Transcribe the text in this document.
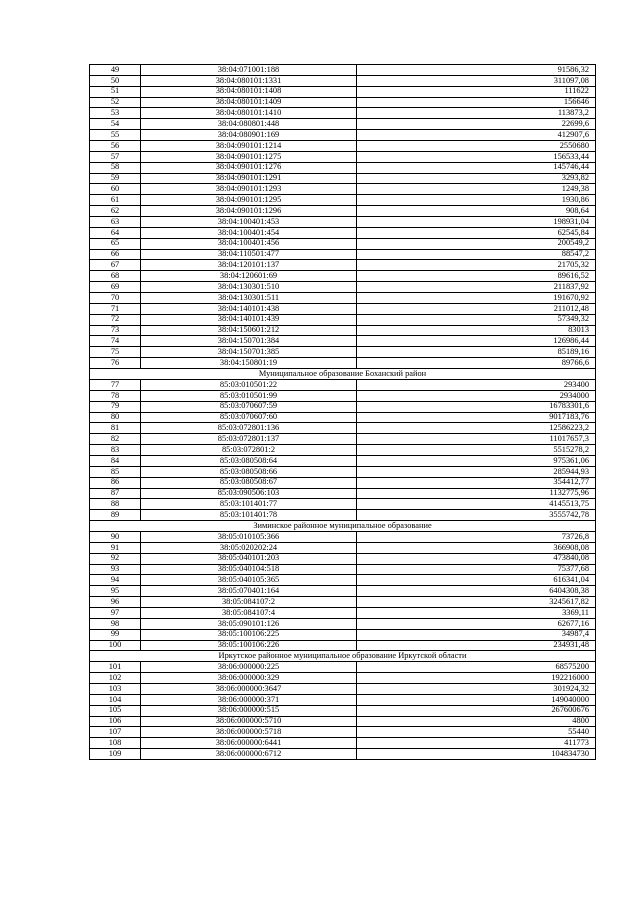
49	38:04:071001:188	91586,32
50	38:04:080101:1331	311097,08
51	38:04:080101:1408	111622
52	38:04:080101:1409	156646
53	38:04:080101:1410	113873,2
54	38:04:080801:448	22699,6
55	38:04:080901:169	412907,6
56	38:04:090101:1214	2550680
57	38:04:090101:1275	156533,44
58	38:04:090101:1276	145746,44
59	38:04:090101:1291	3293,82
60	38:04:090101:1293	1249,38
61	38:04:090101:1295	1930,86
62	38:04:090101:1296	908,64
63	38:04:100401:453	198931,04
64	38:04:100401:454	62545,84
65	38:04:100401:456	200549,2
66	38:04:110501:477	88547,2
67	38:04:120101:137	21705,32
68	38:04:120601:69	89616,52
69	38:04:130301:510	211837,92
70	38:04:130301:511	191670,92
71	38:04:140101:438	211012,48
72	38:04:140101:439	57349,32
73	38:04:150601:212	83013
74	38:04:150701:384	126986,44
75	38:04:150701:385	85189,16
76	38:04:150801:19	89766,6
Муниципальное образование Боханский район		
77	85:03:010501:22	293400
78	85:03:010501:99	2934000
79	85:03:070607:59	16783301,6
80	85:03:070607:60	9017183,76
81	85:03:072801:136	12586223,2
82	85:03:072801:137	11017657,3
83	85:03:072801:2	5515278,2
84	85:03:080508:64	975361,06
85	85:03:080508:66	285944,93
86	85:03:080508:67	354412,77
87	85:03:090506:103	1132775,96
88	85:03:101401:77	4145513,75
89	85:03:101401:78	3555742,78
Зиминское районное муниципальное образование		
90	38:05:010105:366	73726,8
91	38:05:020202:24	366908,08
92	38:05:040101:203	473840,08
93	38:05:040104:518	75377,68
94	38:05:040105:365	616341,04
95	38:05:070401:164	6404308,38
96	38:05:084107:2	3245617,82
97	38:05:084107:4	3369,11
98	38:05:090101:126	62677,16
99	38:05:100106:225	34987,4
100	38:05:100106:226	234931,48
Иркутское районное муниципальное образование Иркутской области		
101	38:06:000000:225	68575200
102	38:06:000000:329	192216000
103	38:06:000000:3647	301924,32
104	38:06:000000:371	149040000
105	38:06:000000:515	267600676
106	38:06:000000:5710	4800
107	38:06:000000:5718	55440
108	38:06:000000:6441	411773
109	38:06:000000:6712	104834730
